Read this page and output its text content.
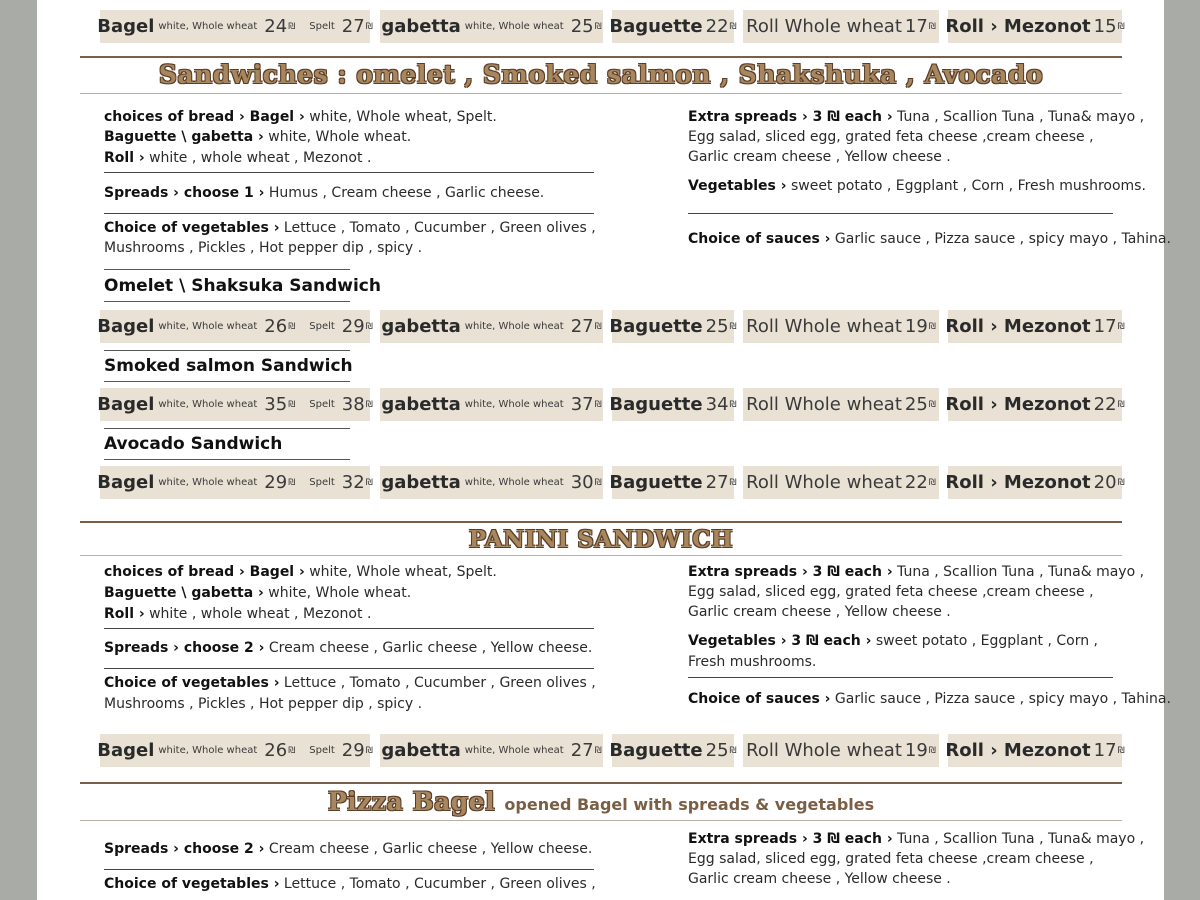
Bagel white, Whole wheat 24 ₪ Spelt 27 ₪ gabetta white, Whole wheat 25 ₪ Baguette 22 ₪ Roll Whole wheat 17 ₪ Roll › Mezonot 15 ₪
Sandwiches : omelet , Smoked salmon , Shakshuka , Avocado
choices of bread › Bagel › white, Whole wheat, Spelt.
Baguette \ gabetta › white, Whole wheat.
Roll › white , whole wheat , Mezonot .
Spreads › choose 1 › Humus , Cream cheese , Garlic cheese.
Choice of vegetables › Lettuce , Tomato , Cucumber , Green olives ,
Mushrooms , Pickles , Hot pepper dip , spicy .
Extra spreads › 3 ₪ each › Tuna , Scallion Tuna , Tuna& mayo ,
Egg salad, sliced egg, grated feta cheese ,cream cheese ,
Garlic cream cheese , Yellow cheese .
Vegetables › sweet potato , Eggplant , Corn , Fresh mushrooms.
Choice of sauces › Garlic sauce , Pizza sauce , spicy mayo , Tahina.
Omelet \ Shaksuka Sandwich
Bagel white, Whole wheat 26 ₪ Spelt 29 ₪ gabetta white, Whole wheat 27 ₪ Baguette 25 ₪ Roll Whole wheat 19 ₪ Roll › Mezonot 17 ₪
Smoked salmon Sandwich
Bagel white, Whole wheat 35 ₪ Spelt 38 ₪ gabetta white, Whole wheat 37 ₪ Baguette 34 ₪ Roll Whole wheat 25 ₪ Roll › Mezonot 22 ₪
Avocado Sandwich
Bagel white, Whole wheat 29 ₪ Spelt 32 ₪ gabetta white, Whole wheat 30 ₪ Baguette 27 ₪ Roll Whole wheat 22 ₪ Roll › Mezonot 20 ₪
PANINI SANDWICH
choices of bread › Bagel › white, Whole wheat, Spelt.
Baguette \ gabetta › white, Whole wheat.
Roll › white , whole wheat , Mezonot .
Spreads › choose 2 › Cream cheese , Garlic cheese , Yellow cheese.
Choice of vegetables › Lettuce , Tomato , Cucumber , Green olives ,
Mushrooms , Pickles , Hot pepper dip , spicy .
Extra spreads › 3 ₪ each › Tuna , Scallion Tuna , Tuna& mayo ,
Egg salad, sliced egg, grated feta cheese ,cream cheese ,
Garlic cream cheese , Yellow cheese .
Vegetables › 3 ₪ each › sweet potato , Eggplant , Corn ,
Fresh mushrooms.
Choice of sauces › Garlic sauce , Pizza sauce , spicy mayo , Tahina.
Bagel white, Whole wheat 26 ₪ Spelt 29 ₪ gabetta white, Whole wheat 27 ₪ Baguette 25 ₪ Roll Whole wheat 19 ₪ Roll › Mezonot 17 ₪
Pizza Bagel opened Bagel with spreads & vegetables
Spreads › choose 2 › Cream cheese , Garlic cheese , Yellow cheese.
Choice of vegetables › Lettuce , Tomato , Cucumber , Green olives ,
Extra spreads › 3 ₪ each › Tuna , Scallion Tuna , Tuna& mayo ,
Egg salad, sliced egg, grated feta cheese ,cream cheese ,
Garlic cream cheese , Yellow cheese .
